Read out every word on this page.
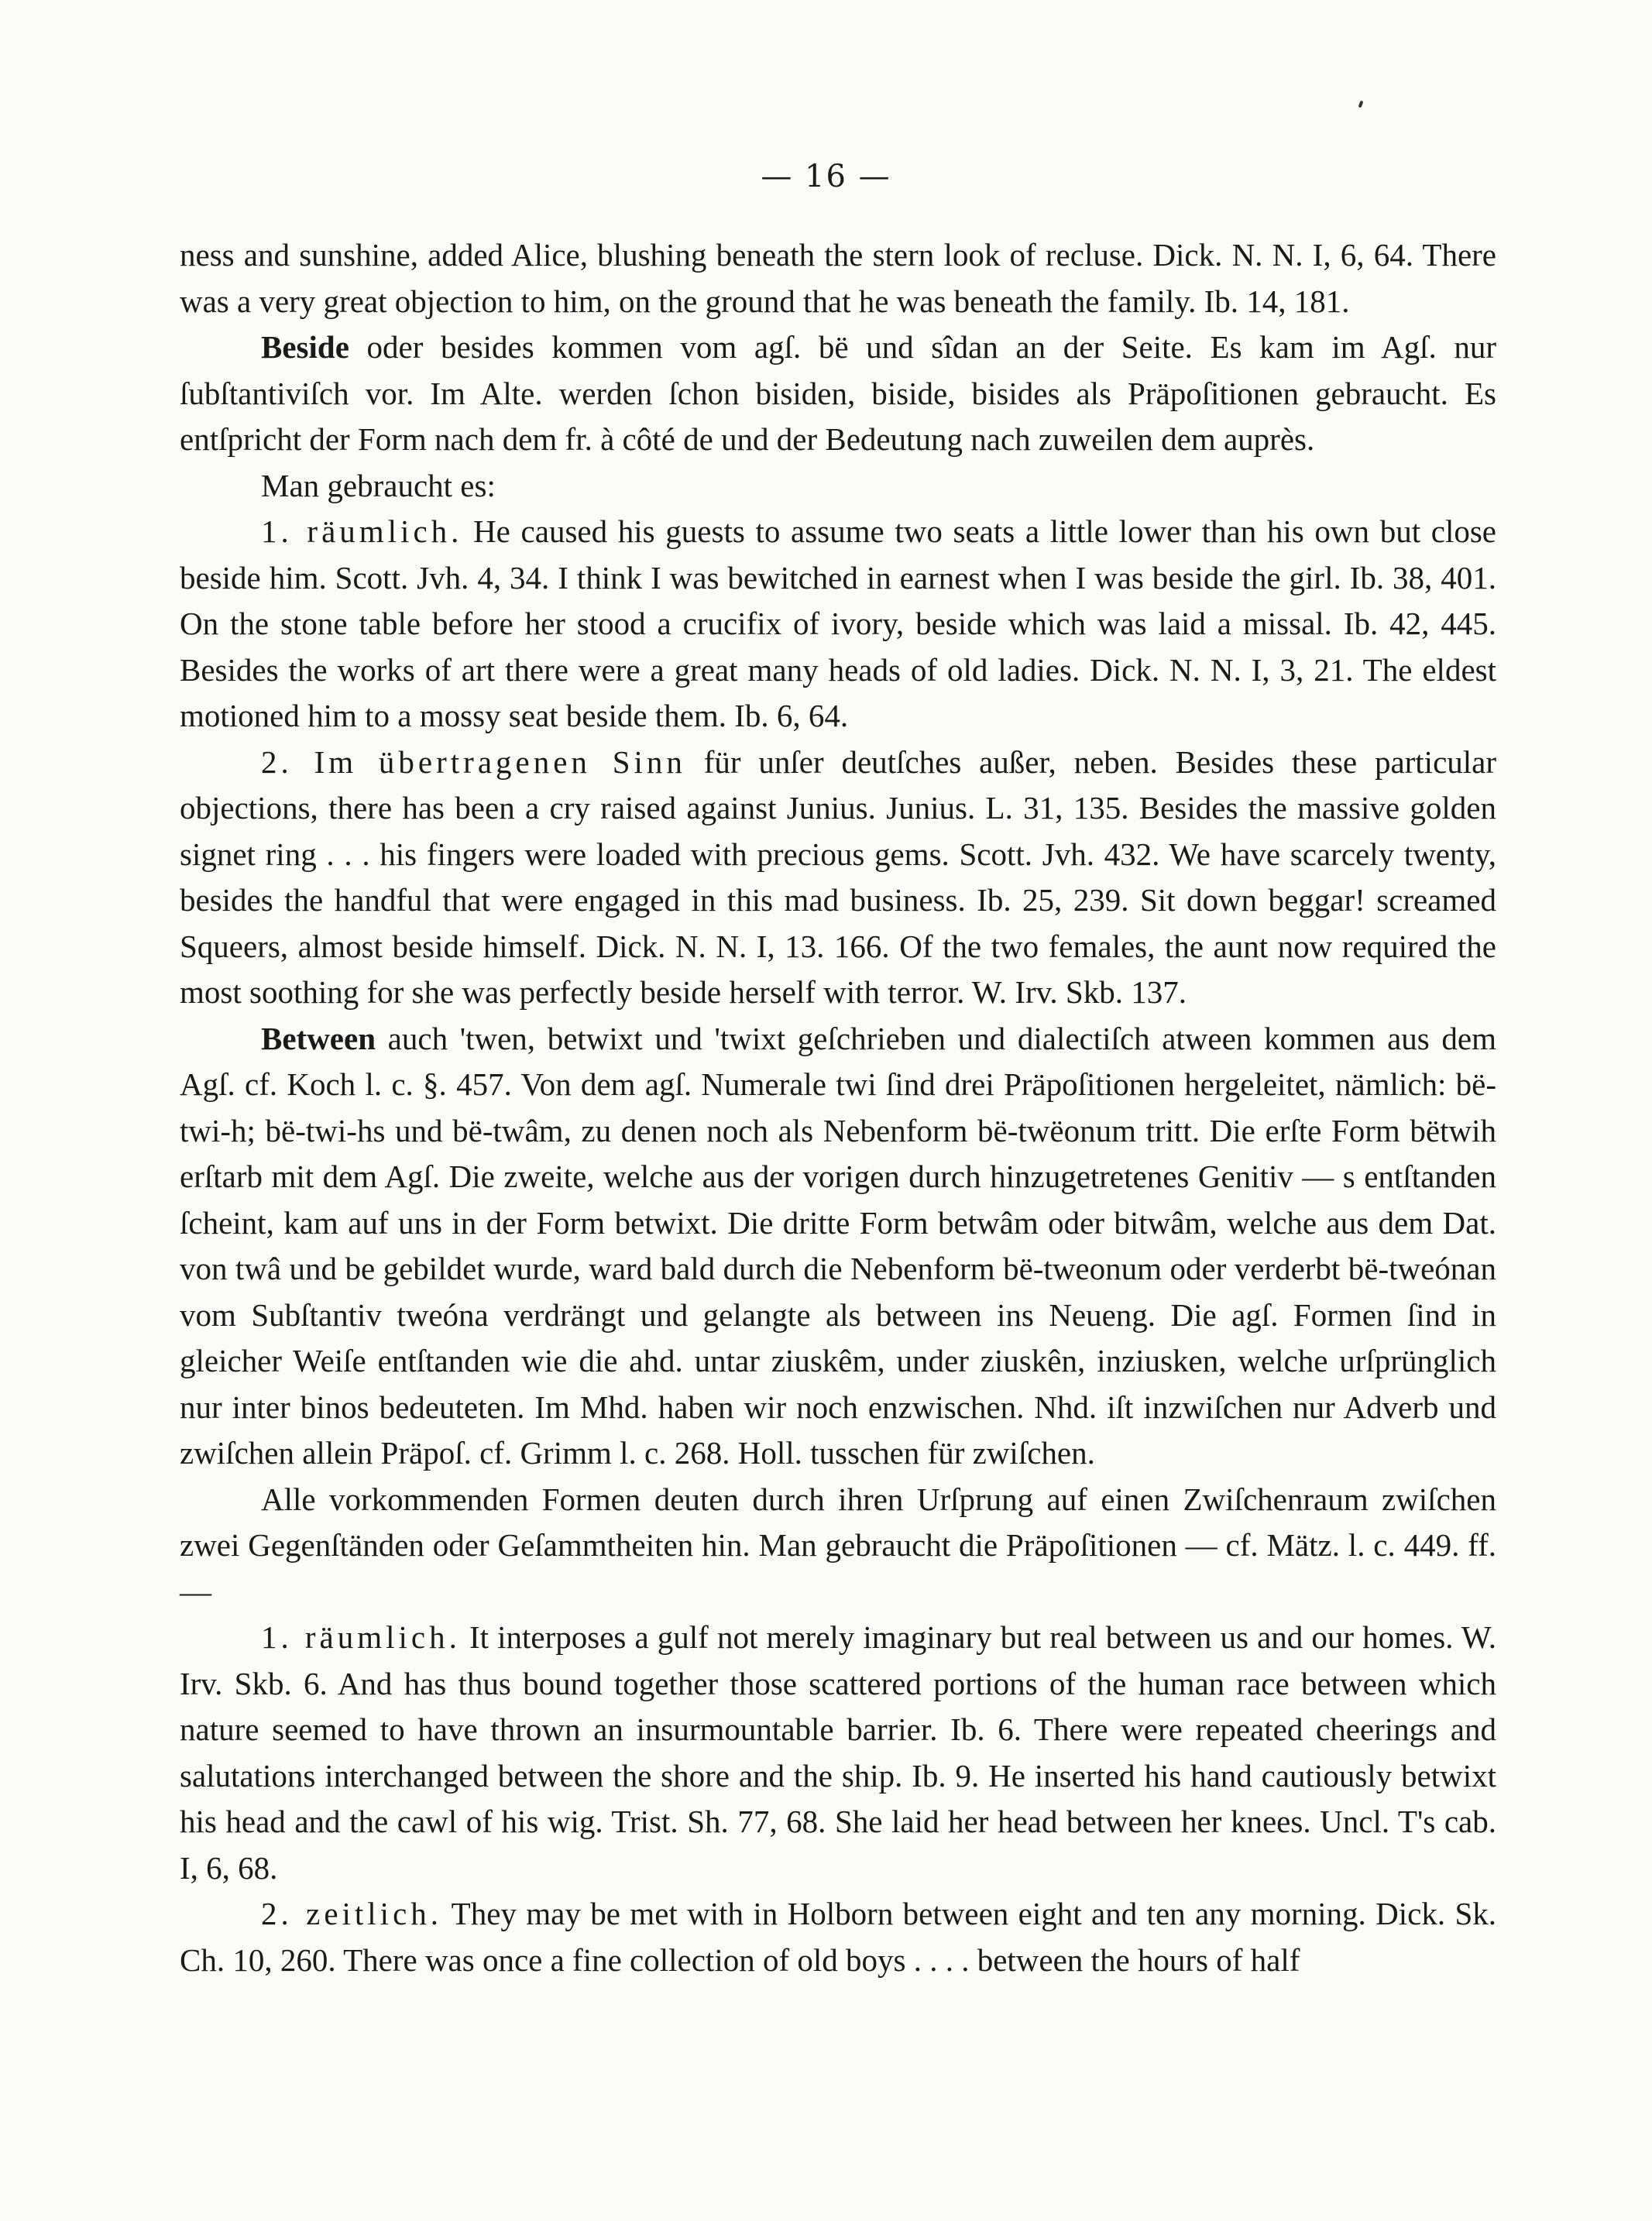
— 16 —

ness and sunshine, added Alice, blushing beneath the stern look of recluse. Dick. N. N. I, 6, 64. There was a very great objection to him, on the ground that he was beneath the family. Ib. 14, 181.

Beside oder besides kommen vom agſ. bë und sîdan an der Seite. Es kam im Agſ. nur ſubſtantiviſch vor. Im Alte. werden ſchon bisiden, biside, bisides als Präpoſitionen gebraucht. Es entſpricht der Form nach dem fr. à côté de und der Bedeutung nach zuweilen dem auprès.

Man gebraucht es:

1. räumlich. He caused his guests to assume two seats a little lower than his own but close beside him. Scott. Jvh. 4, 34. I think I was bewitched in earnest when I was beside the girl. Ib. 38, 401. On the stone table before her stood a crucifix of ivory, beside which was laid a missal. Ib. 42, 445. Besides the works of art there were a great many heads of old ladies. Dick. N. N. I, 3, 21. The eldest motioned him to a mossy seat beside them. Ib. 6, 64.

2. Im übertragenen Sinn für unſer deutſches außer, neben. Besides these particular objections, there has been a cry raised against Junius. Junius. L. 31, 135. Besides the massive golden signet ring . . . his fingers were loaded with precious gems. Scott. Jvh. 432. We have scarcely twenty, besides the handful that were engaged in this mad business. Ib. 25, 239. Sit down beggar! screamed Squeers, almost beside himself. Dick. N. N. I, 13. 166. Of the two females, the aunt now required the most soothing for she was perfectly beside herself with terror. W. Irv. Skb. 137.

Between auch 'twen, betwixt und 'twixt geſchrieben und dialectiſch atween kommen aus dem Agſ. cf. Koch l. c. §. 457. Von dem agſ. Numerale twi ſind drei Präpoſitionen hergeleitet, nämlich: bë-twi-h; bë-twi-hs und bë-twâm, zu denen noch als Nebenform bë-twëonum tritt. Die erſte Form bëtwih erſtarb mit dem Agſ. Die zweite, welche aus der vorigen durch hinzugetretenes Genitiv — s entſtanden ſcheint, kam auf uns in der Form betwixt. Die dritte Form betwâm oder bitwâm, welche aus dem Dat. von twâ und be gebildet wurde, ward bald durch die Nebenform bë-tweonum oder verderbt bë-tweónan vom Subſtantiv tweóna verdrängt und gelangte als between ins Neueng. Die agſ. Formen ſind in gleicher Weiſe entſtanden wie die ahd. untar ziuskêm, under ziuskên, inziusken, welche urſprünglich nur inter binos bedeuteten. Im Mhd. haben wir noch enzwischen. Nhd. iſt inzwiſchen nur Adverb und zwiſchen allein Präpoſ. cf. Grimm l. c. 268. Holl. tusschen für zwiſchen.

Alle vorkommenden Formen deuten durch ihren Urſprung auf einen Zwiſchenraum zwiſchen zwei Gegenſtänden oder Geſammtheiten hin. Man gebraucht die Präpoſitionen — cf. Mätz. l. c. 449. ff. —

1. räumlich. It interposes a gulf not merely imaginary but real between us and our homes. W. Irv. Skb. 6. And has thus bound together those scattered portions of the human race between which nature seemed to have thrown an insurmountable barrier. Ib. 6. There were repeated cheerings and salutations interchanged between the shore and the ship. Ib. 9. He inserted his hand cautiously betwixt his head and the cawl of his wig. Trist. Sh. 77, 68. She laid her head between her knees. Uncl. T's cab. I, 6, 68.

2. zeitlich. They may be met with in Holborn between eight and ten any morning. Dick. Sk. Ch. 10, 260. There was once a fine collection of old boys . . . . between the hours of half
